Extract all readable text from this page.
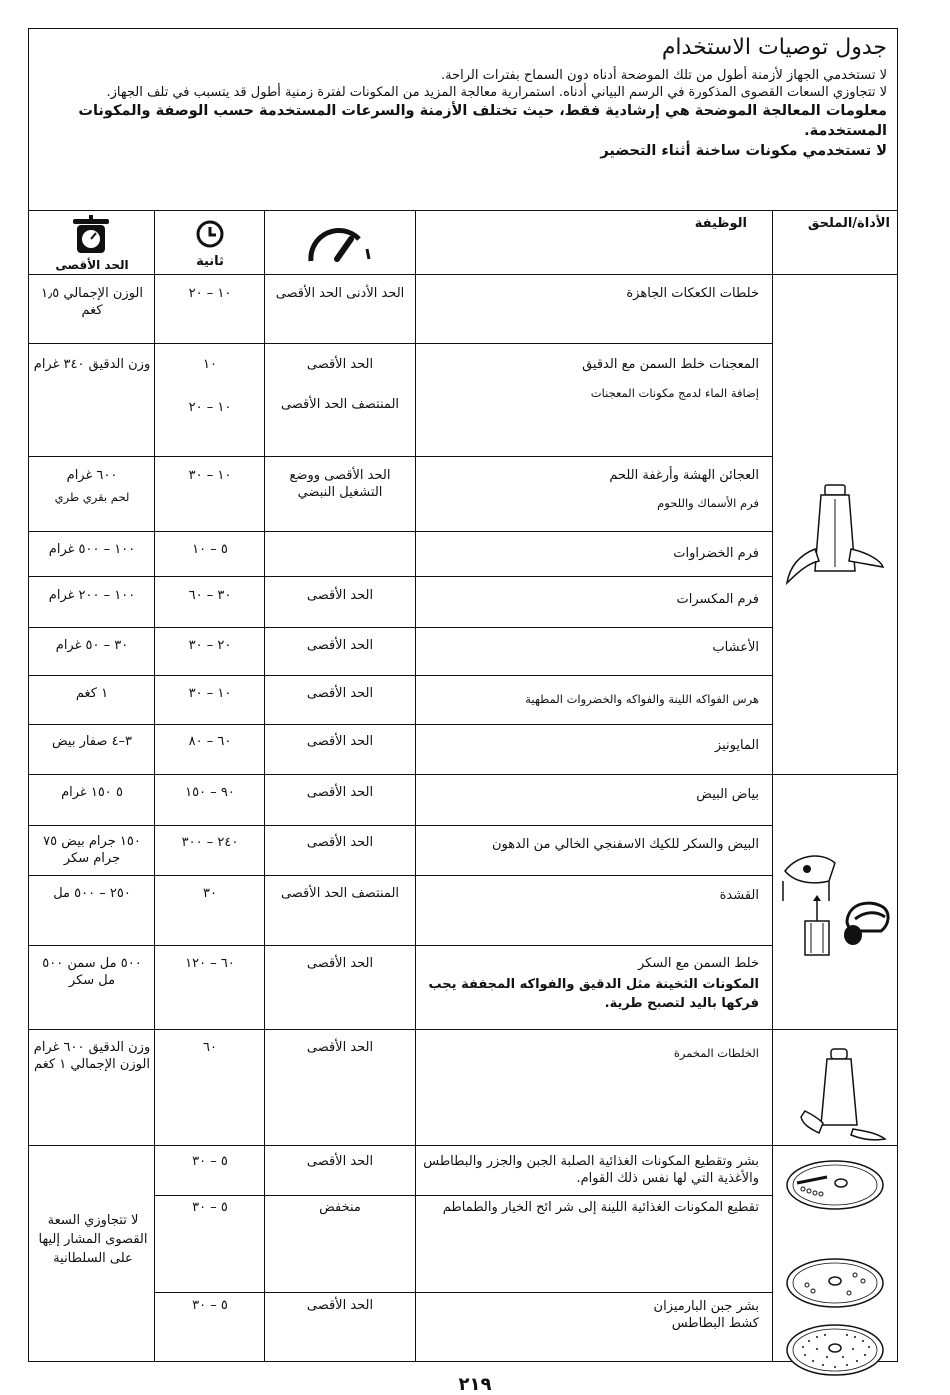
جدول توصيات الاستخدام

لا تستخدمي الجهاز لأزمنة أطول من تلك الموضحة أدناه دون السماح بفترات الراحة.

لا تتجاوزي السعات القصوى المذكورة في الرسم البياني أدناه. استمرارية معالجة المزيد من المكونات لفترة زمنية أطول قد يتسبب في تلف الجهاز.

معلومات المعالجة الموضحة هي إرشادية فقط، حيث تختلف الأزمنة والسرعات المستخدمة حسب الوصفة والمكونات المستخدمة.

لا تستخدمي مكونات ساخنة أثناء التحضير

الأداة/الملحق
الوظيفة
ثانية
الحد الأقصى
خلطات الكعكات الجاهزة
الحد الأدنى الحد الأقصى
١٠ – ٢٠
الوزن الإجمالي ١٫٥ كغم
المعجنات خلط السمن مع الدقيق
إضافة الماء لدمج مكونات المعجنات
الحد الأقصى
المنتصف الحد الأقصى
١٠
١٠ – ٢٠
وزن الدقيق ٣٤٠ غرام
العجائن الهشة وأرغفة اللحم
فرم الأسماك واللحوم
الحد الأقصى ووضع التشغيل النبضي
١٠ – ٣٠
٦٠٠ غرام
لحم بقري طري
فرم الخضراوات
٥ – ١٠
١٠٠ – ٥٠٠ غرام
فرم المكسرات
الحد الأقصى
٣٠ – ٦٠
١٠٠ – ٢٠٠ غرام
الأعشاب
الحد الأقصى
٢٠ – ٣٠
٣٠ – ٥٠ غرام
هرس الفواكه اللينة والفواكه والخضروات المطهية
الحد الأقصى
١٠ – ٣٠
١ كغم
المايونيز
الحد الأقصى
٦٠ – ٨٠
٣–٤ صفار بيض
بياض البيض
الحد الأقصى
٩٠ – ١٥٠
٥ ١٥٠ غرام
البيض والسكر للكيك الاسفنجي الخالي من الدهون
الحد الأقصى
٢٤٠ – ٣٠٠
١٥٠ جرام بيض ٧٥ جرام سكر
القشدة
المنتصف الحد الأقصى
٣٠
٢٥٠ – ٥٠٠ مل
خلط السمن مع السكر
المكونات الثخينة مثل الدقيق والفواكه المجففة يجب فركها باليد لتصبح طرية.
الحد الأقصى
٦٠ – ١٢٠
٥٠٠ مل سمن ٥٠٠ مل سكر
الخلطات المخمرة
الحد الأقصى
٦٠
وزن الدقيق ٦٠٠ غرام الوزن الإجمالي ١ كغم
بشر وتقطيع المكونات الغذائية الصلبة الجبن والجزر والبطاطس والأغذية التي لها نفس ذلك القوام.
الحد الأقصى
٥ – ٣٠
تقطيع المكونات الغذائية اللينة إلى شر ائح الخيار والطماطم
منخفض
٥ – ٣٠
بشر جبن البارميزان
كشط البطاطس
الحد الأقصى
٥ – ٣٠
لا تتجاوزي السعة القصوى المشار إليها على السلطانية
٢١٩
